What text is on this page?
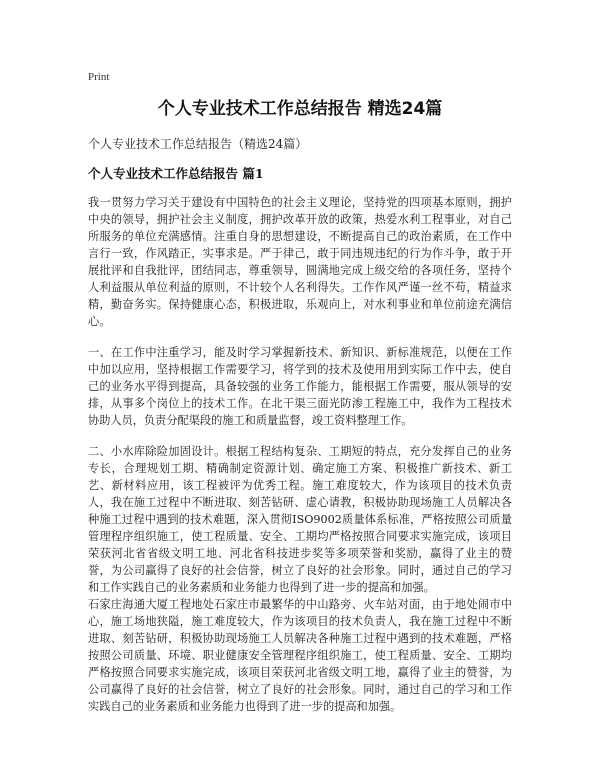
Print
个人专业技术工作总结报告 精选24篇
个人专业技术工作总结报告（精选24篇）
个人专业技术工作总结报告 篇1

我一贯努力学习关于建设有中国特色的社会主义理论，坚持党的四项基本原则，拥护中央的领导，拥护社会主义制度，拥护改革开放的政策，热爱水利工程事业，对自己所服务的单位充满感情。注重自身的思想建设，不断提高自己的政治素质，在工作中言行一致，作风踏正，实事求是。严于律己，敢于同违规违纪的行为作斗争，敢于开展批评和自我批评，团结同志，尊重领导，圆满地完成上级交给的各项任务，坚持个人利益服从单位利益的原则，不计较个人名利得失。工作作风严谨一丝不苟，精益求精，勤奋务实。保持健康心态，积极进取，乐观向上，对水利事业和单位前途充满信心。

一、在工作中注重学习，能及时学习掌握新技术、新知识、新标准规范，以便在工作中加以应用，坚持根据工作需要学习，将学到的技术及使用用到实际工作中去，使自己的业务水平得到提高，具备较强的业务工作能力，能根据工作需要，服从领导的安排，从事多个岗位上的技术工作。在北干渠三面光防渗工程施工中，我作为工程技术协助人员，负责分配渠段的施工和质量监督，竣工资料整理工作。

二、小水库除险加固设计。根据工程结构复杂、工期短的特点，充分发挥自己的业务专长，合理规划工期、精确制定资源计划、确定施工方案、积极推广新技术、新工艺、新材料应用，该工程被评为优秀工程。施工难度较大，作为该项目的技术负责人，我在施工过程中不断进取、刻苦钻研、虚心请教，积极协助现场施工人员解决各种施工过程中遇到的技术难题，深入贯彻ISO9002质量体系标准，严格按照公司质量管理程序组织施工，使工程质量、安全、工期均严格按照合同要求实施完成，该项目荣获河北省省级文明工地、河北省科技进步奖等多项荣誉和奖励，赢得了业主的赞誉，为公司赢得了良好的社会信誉，树立了良好的社会形象。同时，通过自己的学习和工作实践自己的业务素质和业务能力也得到了进一步的提高和加强。

石家庄海通大厦工程地处石家庄市最繁华的中山路旁、火车站对面，由于地处闹市中心，施工场地狭隘，施工难度较大，作为该项目的技术负责人，我在施工过程中不断进取、刻苦钻研，积极协助现场施工人员解决各种施工过程中遇到的技术难题，严格按照公司质量、环境、职业健康安全管理程序组织施工，使工程质量、安全、工期均严格按照合同要求实施完成，该项目荣获河北省级文明工地，赢得了业主的赞誉，为公司赢得了良好的社会信誉，树立了良好的社会形象。同时，通过自己的学习和工作实践自己的业务素质和业务能力也得到了进一步的提高和加强。
